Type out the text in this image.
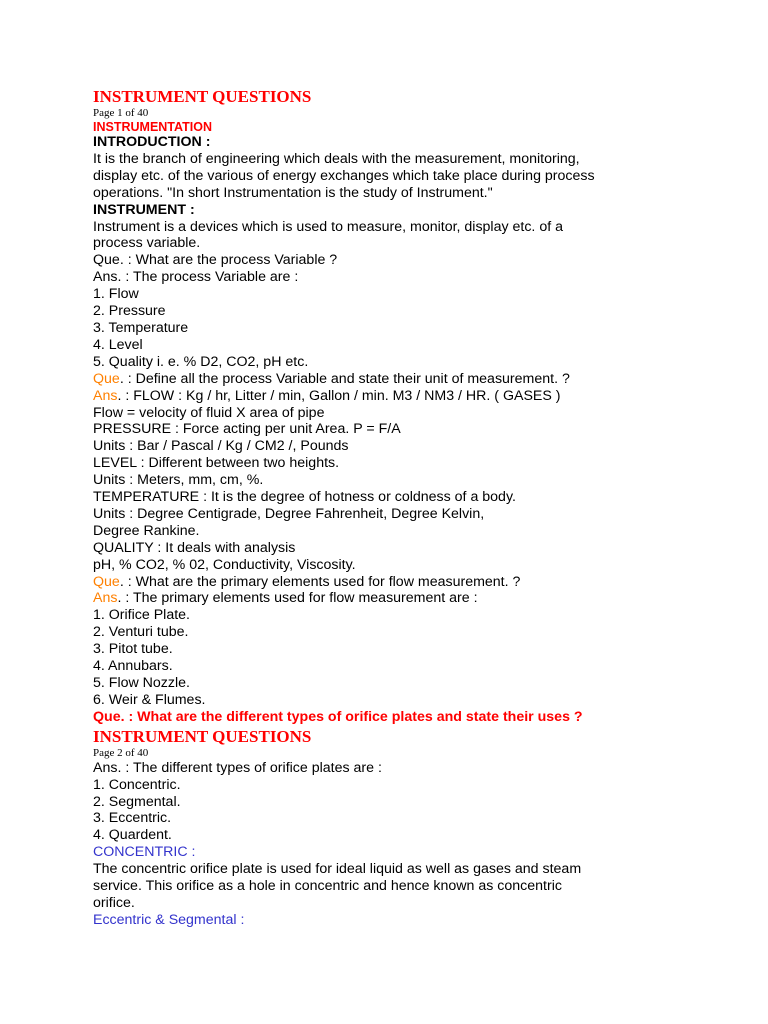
INSTRUMENT QUESTIONS
Page 1 of 40
INSTRUMENTATION
INTRODUCTION :
It is the branch of engineering which deals with the measurement, monitoring,
display etc. of the various of energy exchanges which take place during process
operations. "In short Instrumentation is the study of Instrument."
INSTRUMENT :
Instrument is a devices which is used to measure, monitor, display etc. of a
process variable.
Que. : What are the process Variable ?
Ans. : The process Variable are :
1. Flow
2. Pressure
3. Temperature
4. Level
5. Quality i. e. % D2, CO2, pH etc.
Que. : Define all the process Variable and state their unit of measurement. ?
Ans. : FLOW : Kg / hr, Litter / min, Gallon / min. M3 / NM3 / HR. ( GASES )
Flow = velocity of fluid X area of pipe
PRESSURE : Force acting per unit Area. P = F/A
Units : Bar / Pascal / Kg / CM2 /, Pounds
LEVEL : Different between two heights.
Units : Meters, mm, cm, %.
TEMPERATURE : It is the degree of hotness or coldness of a body.
Units : Degree Centigrade, Degree Fahrenheit, Degree Kelvin,
Degree Rankine.
QUALITY : It deals with analysis
pH, % CO2, % 02, Conductivity, Viscosity.
Que. : What are the primary elements used for flow measurement. ?
Ans. : The primary elements used for flow measurement are :
1. Orifice Plate.
2. Venturi tube.
3. Pitot tube.
4. Annubars.
5. Flow Nozzle.
6. Weir & Flumes.
Que. : What are the different types of orifice plates and state their uses ?
INSTRUMENT QUESTIONS
Page 2 of 40
Ans. : The different types of orifice plates are :
1. Concentric.
2. Segmental.
3. Eccentric.
4. Quardent.
CONCENTRIC :
The concentric orifice plate is used for ideal liquid as well as gases and steam
service. This orifice as a hole in concentric and hence known as concentric
orifice.
Eccentric & Segmental :
